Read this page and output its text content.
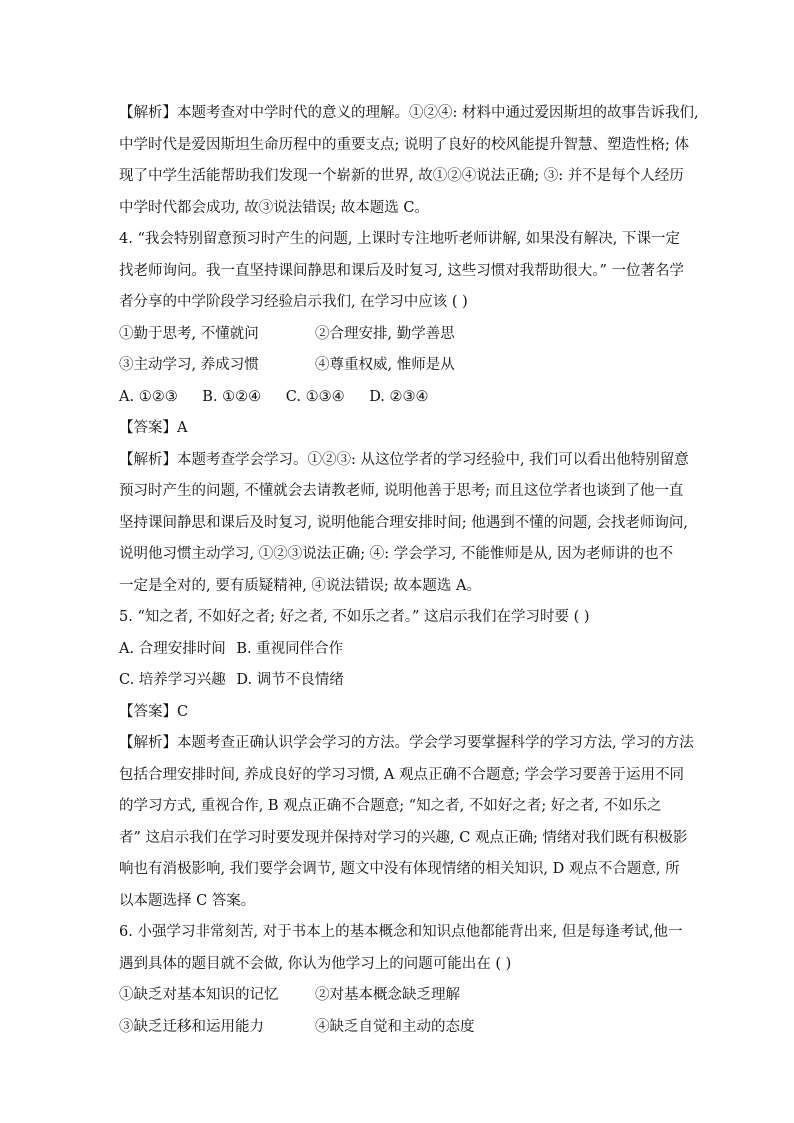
【解析】本题考查对中学时代的意义的理解。①②④: 材料中通过爱因斯坦的故事告诉我们,
中学时代是爱因斯坦生命历程中的重要支点; 说明了良好的校风能提升智慧、塑造性格; 体
现了中学生活能帮助我们发现一个崭新的世界, 故①②④说法正确; ③: 并不是每个人经历
中学时代都会成功, 故③说法错误; 故本题选 C。
4. “我会特别留意预习时产生的问题, 上课时专注地听老师讲解, 如果没有解决, 下课一定
找老师询问。我一直坚持课间静思和课后及时复习, 这些习惯对我帮助很大。” 一位著名学
者分享的中学阶段学习经验启示我们, 在学习中应该 ( )
①勤于思考, 不懂就问	②合理安排, 勤学善思
③主动学习, 养成习惯	④尊重权威, 惟师是从
A. ①②③ B. ①②④ C. ①③④ D. ②③④
【答案】A
【解析】本题考查学会学习。①②③: 从这位学者的学习经验中, 我们可以看出他特别留意
预习时产生的问题, 不懂就会去请教老师, 说明他善于思考; 而且这位学者也谈到了他一直
坚持课间静思和课后及时复习, 说明他能合理安排时间; 他遇到不懂的问题, 会找老师询问,
说明他习惯主动学习, ①②③说法正确; ④: 学会学习, 不能惟师是从, 因为老师讲的也不
一定是全对的, 要有质疑精神, ④说法错误; 故本题选 A。
5. “知之者, 不如好之者; 好之者, 不如乐之者。” 这启示我们在学习时要 ( )
A. 合理安排时间 B. 重视同伴合作
C. 培养学习兴趣 D. 调节不良情绪
【答案】C
【解析】本题考查正确认识学会学习的方法。学会学习要掌握科学的学习方法, 学习的方法
包括合理安排时间, 养成良好的学习习惯, A 观点正确不合题意; 学会学习要善于运用不同
的学习方式, 重视合作, B 观点正确不合题意; “知之者, 不如好之者; 好之者, 不如乐之
者” 这启示我们在学习时要发现并保持对学习的兴趣, C 观点正确; 情绪对我们既有积极影
响也有消极影响, 我们要学会调节, 题文中没有体现情绪的相关知识, D 观点不合题意, 所
以本题选择 C 答案。
6. 小强学习非常刻苦, 对于书本上的基本概念和知识点他都能背出来, 但是每逢考试,他一
遇到具体的题目就不会做, 你认为他学习上的问题可能出在 ( )
①缺乏对基本知识的记忆	②对基本概念缺乏理解
③缺乏迁移和运用能力	④缺乏自觉和主动的态度
